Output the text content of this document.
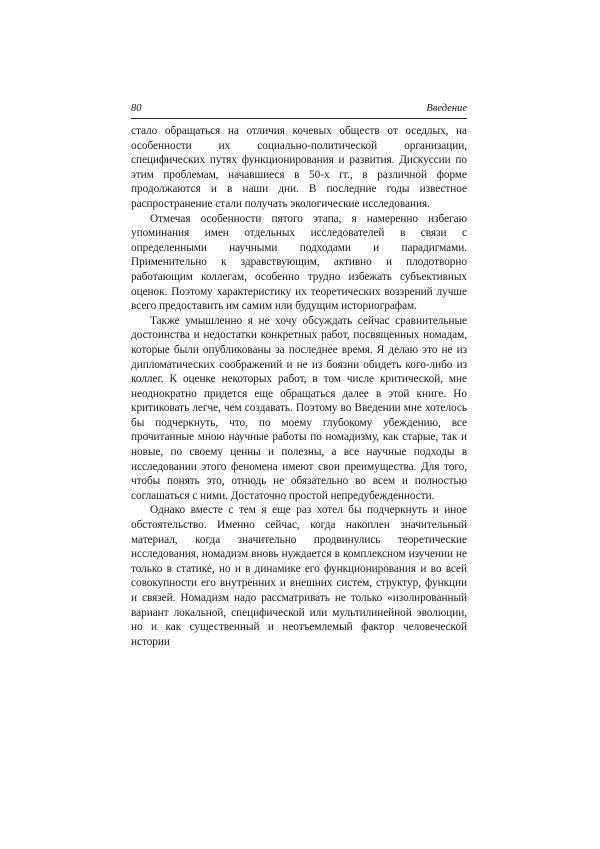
80	Введение

стало обращаться на отличия кочевых обществ от оседлых, на особенности их социально-политической организации, специфических путях функционирования и развития. Дискуссии по этим проблемам, начавшиеся в 50-х гг., в различной форме продолжаются и в наши дни. В последние годы известное распространение стали получать экологические исследования.

Отмечая особенности пятого этапа, я намеренно избегаю упоминания имен отдельных исследователей в связи с определенными научными подходами и парадигмами. Применительно к здравствующим, активно и плодотворно работающим коллегам, особенно трудно избежать субъективных оценок. Поэтому характеристику их теоретических воззрений лучше всего предоставить им самим или будущим историографам.

Также умышленно я не хочу обсуждать сейчас сравнительные достоинства и недостатки конкретных работ, посвященных номадам, которые были опубликованы за последнее время. Я делаю это не из дипломатических соображений и не из боязни обидеть кого-либо из коллег. К оценке некоторых работ, в том числе критической, мне неоднократно придется еще обращаться далее в этой книге. Но критиковать легче, чем создавать. Поэтому во Введении мне хотелось бы подчеркнуть, что, по моему глубокому убеждению, все прочитанные мною научные работы по номадизму, как старые, так и новые, по своему ценны и полезны, а все научные подходы в исследовании этого феномена имеют свои преимущества. Для того, чтобы понять это, отнюдь не обязательно во всем и полностью соглашаться с ними. Достаточно простой непредубежденности.

Однако вместе с тем я еще раз хотел бы подчеркнуть и иное обстоятельство. Именно сейчас, когда накоплен значительный материал, когда значительно продвинулись теоретические исследования, номадизм вновь нуждается в комплексном изучении не только в статике, но и в динамике его функционирования и во всей совокупности его внутренних и внешних систем, структур, функции и связей. Номадизм надо рассматривать не только «изолированный вариант локальной, специфической или мультилинейной эволюции, но и как существенный и неотъемлемый фактор человеческой истории
